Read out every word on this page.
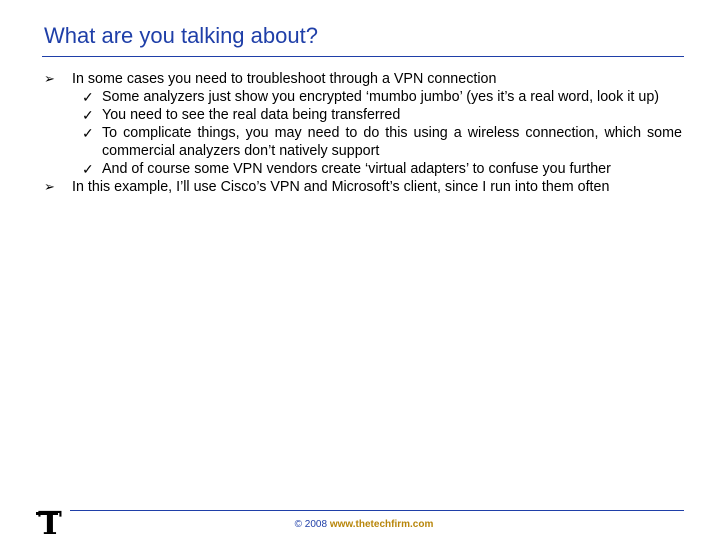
What are you talking about?
➢ In some cases you need to troubleshoot through a VPN connection
✓ Some analyzers just show you encrypted ‘mumbo jumbo’ (yes it’s a real word, look it up)
✓ You need to see the real data being transferred
✓ To complicate things, you may need to do this using a wireless connection, which some commercial analyzers don’t natively support
✓ And of course some VPN vendors create ‘virtual adapters’ to confuse you further
➢ In this example, I’ll use Cisco’s VPN and Microsoft’s client, since I run into them often
T	© 2008 www.thetechfirm.com
